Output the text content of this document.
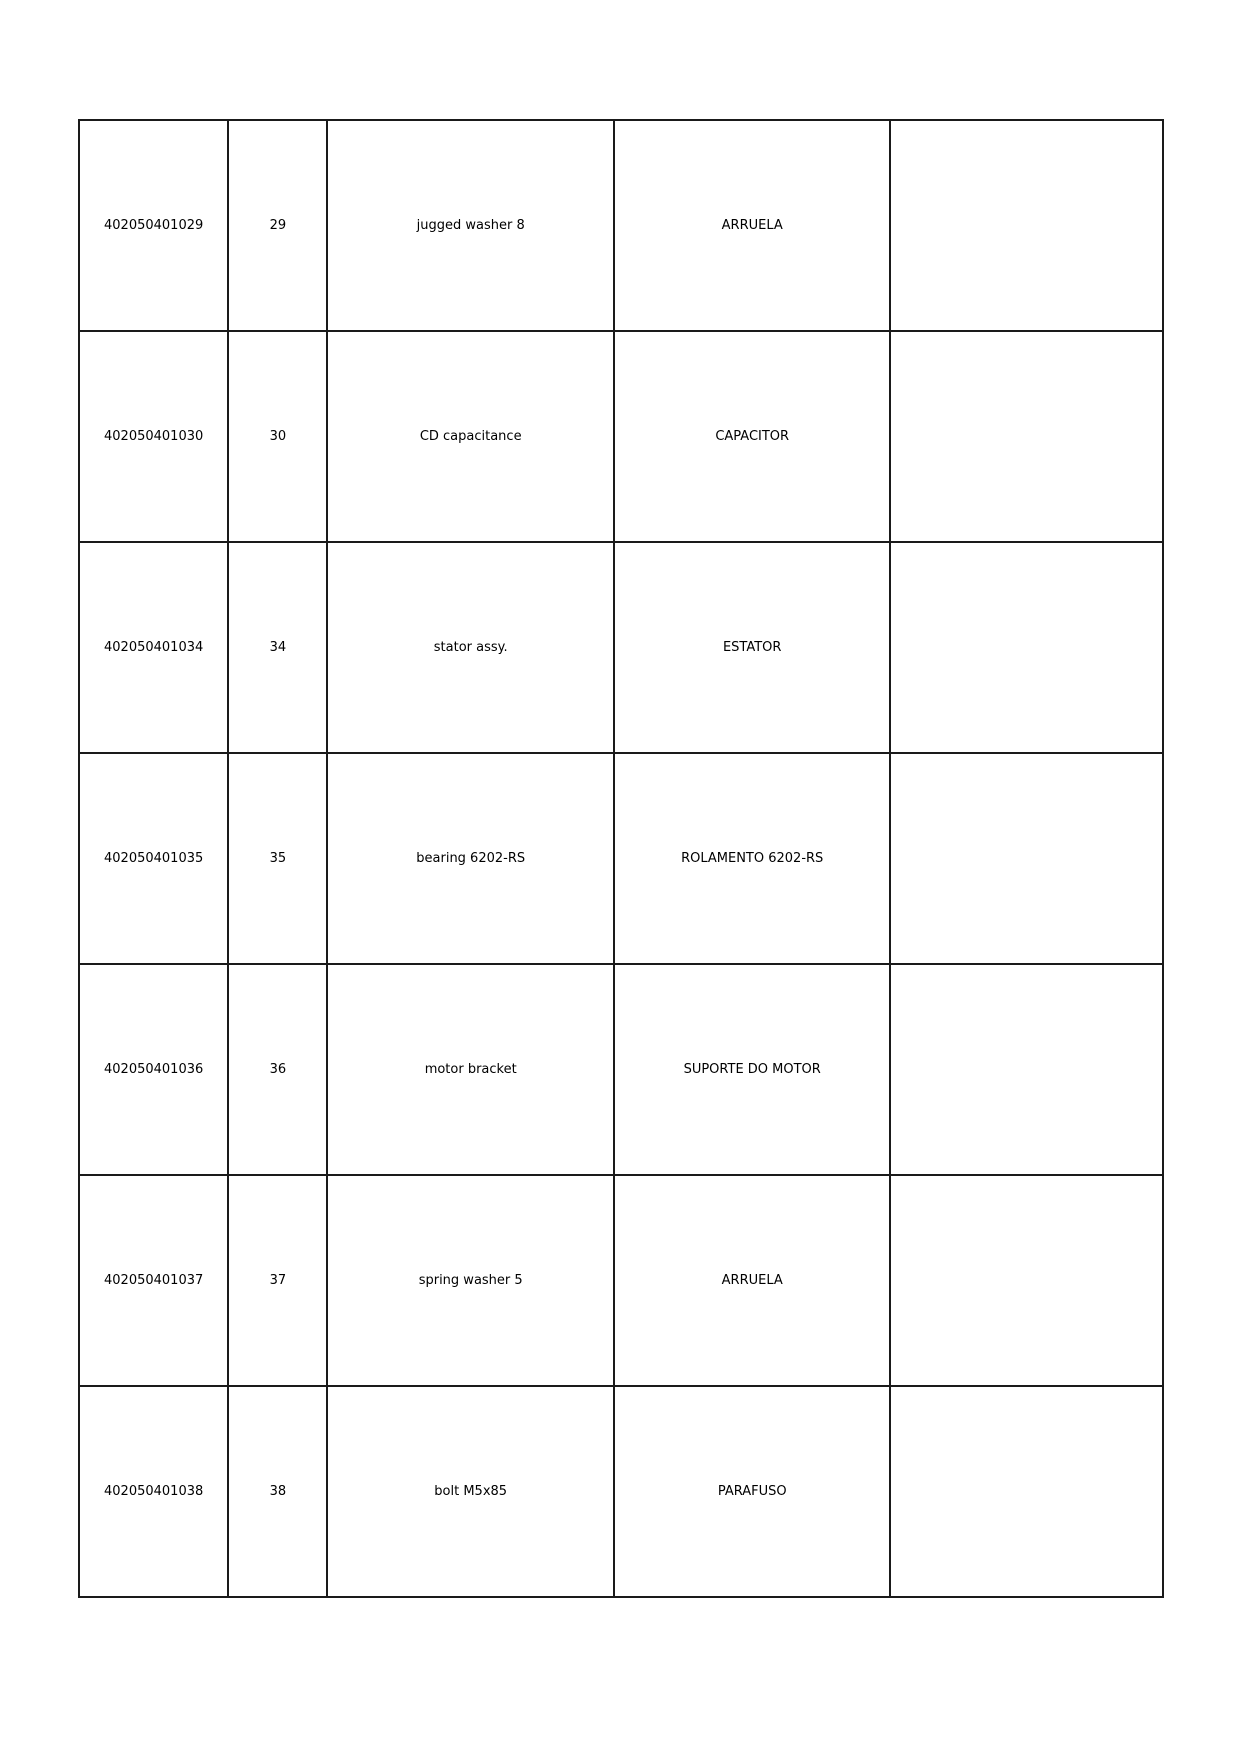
402050401029	29	jugged washer 8	ARRUELA	
402050401030	30	CD capacitance	CAPACITOR	
402050401034	34	stator assy.	ESTATOR	
402050401035	35	bearing 6202-RS	ROLAMENTO 6202-RS	
402050401036	36	motor bracket	SUPORTE DO MOTOR	
402050401037	37	spring washer 5	ARRUELA	
402050401038	38	bolt M5x85	PARAFUSO	
